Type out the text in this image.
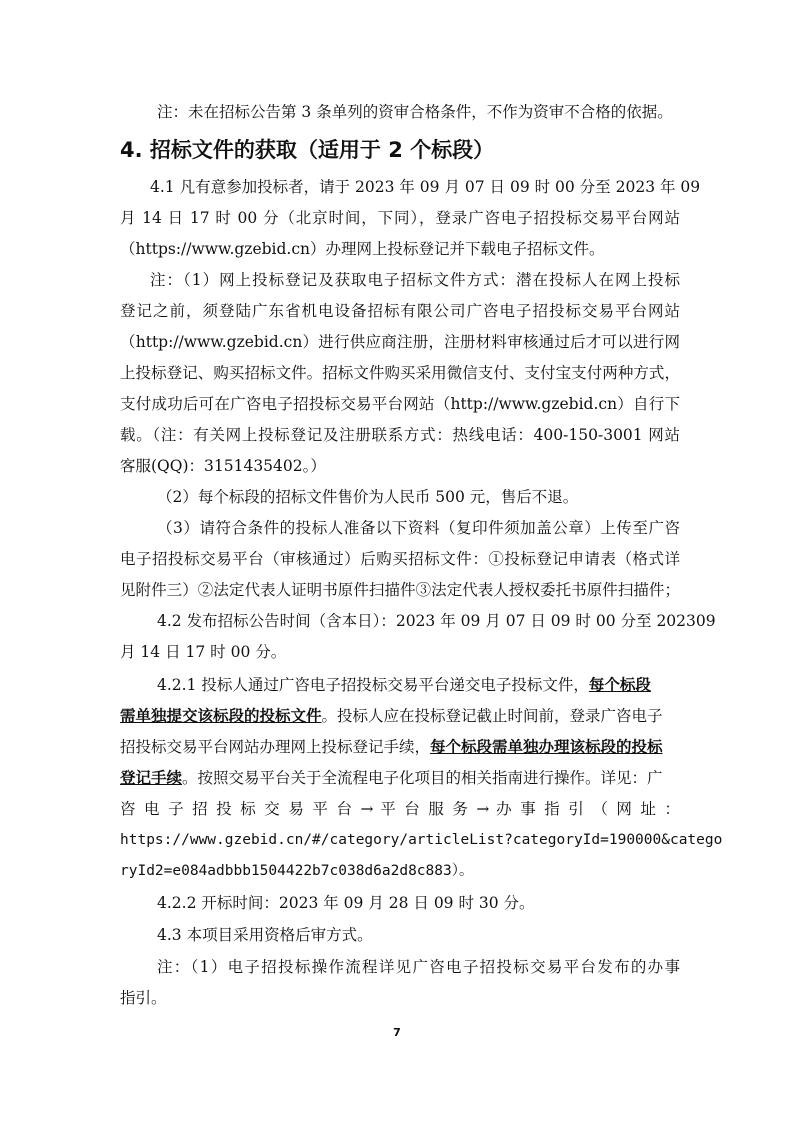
注：未在招标公告第 3 条单列的资审合格条件，不作为资审不合格的依据。
4. 招标文件的获取（适用于 2 个标段）
4.1 凡有意参加投标者，请于 2023 年 09 月 07 日 09 时 00 分至 2023 年 09
月 14 日 17 时 00 分（北京时间，下同），登录广咨电子招投标交易平台网站
（https://www.gzebid.cn）办理网上投标登记并下载电子招标文件。
注：（1）网上投标登记及获取电子招标文件方式：潜在投标人在网上投标
登记之前，须登陆广东省机电设备招标有限公司广咨电子招投标交易平台网站
（http://www.gzebid.cn）进行供应商注册，注册材料审核通过后才可以进行网
上投标登记、购买招标文件。招标文件购买采用微信支付、支付宝支付两种方式，
支付成功后可在广咨电子招投标交易平台网站（http://www.gzebid.cn）自行下
载。（注：有关网上投标登记及注册联系方式：热线电话：400-150-3001 网站
客服(QQ)：3151435402。）
（2）每个标段的招标文件售价为人民币 500 元，售后不退。
（3）请符合条件的投标人准备以下资料（复印件须加盖公章）上传至广咨
电子招投标交易平台（审核通过）后购买招标文件：①投标登记申请表（格式详
见附件三）②法定代表人证明书原件扫描件③法定代表人授权委托书原件扫描件；
4.2 发布招标公告时间（含本日）：2023 年 09 月 07 日 09 时 00 分至 202309
月 14 日 17 时 00 分。
4.2.1 投标人通过广咨电子招投标交易平台递交电子投标文件，每个标段
需单独提交该标段的投标文件。投标人应在投标登记截止时间前，登录广咨电子
招投标交易平台网站办理网上投标登记手续，每个标段需单独办理该标段的投标
登记手续。按照交易平台关于全流程电子化项目的相关指南进行操作。详见：广
咨 电 子 招 投 标 交 易 平 台 → 平 台 服 务 → 办 事 指 引 （ 网 址 ：
https://www.gzebid.cn/#/category/articleList?categoryId=190000&catego
ryId2=e084adbbb1504422b7c038d6a2d8c883）。
4.2.2 开标时间：2023 年 09 月 28 日 09 时 30 分。
4.3 本项目采用资格后审方式。
注：（1）电子招投标操作流程详见广咨电子招投标交易平台发布的办事
指引。
7
